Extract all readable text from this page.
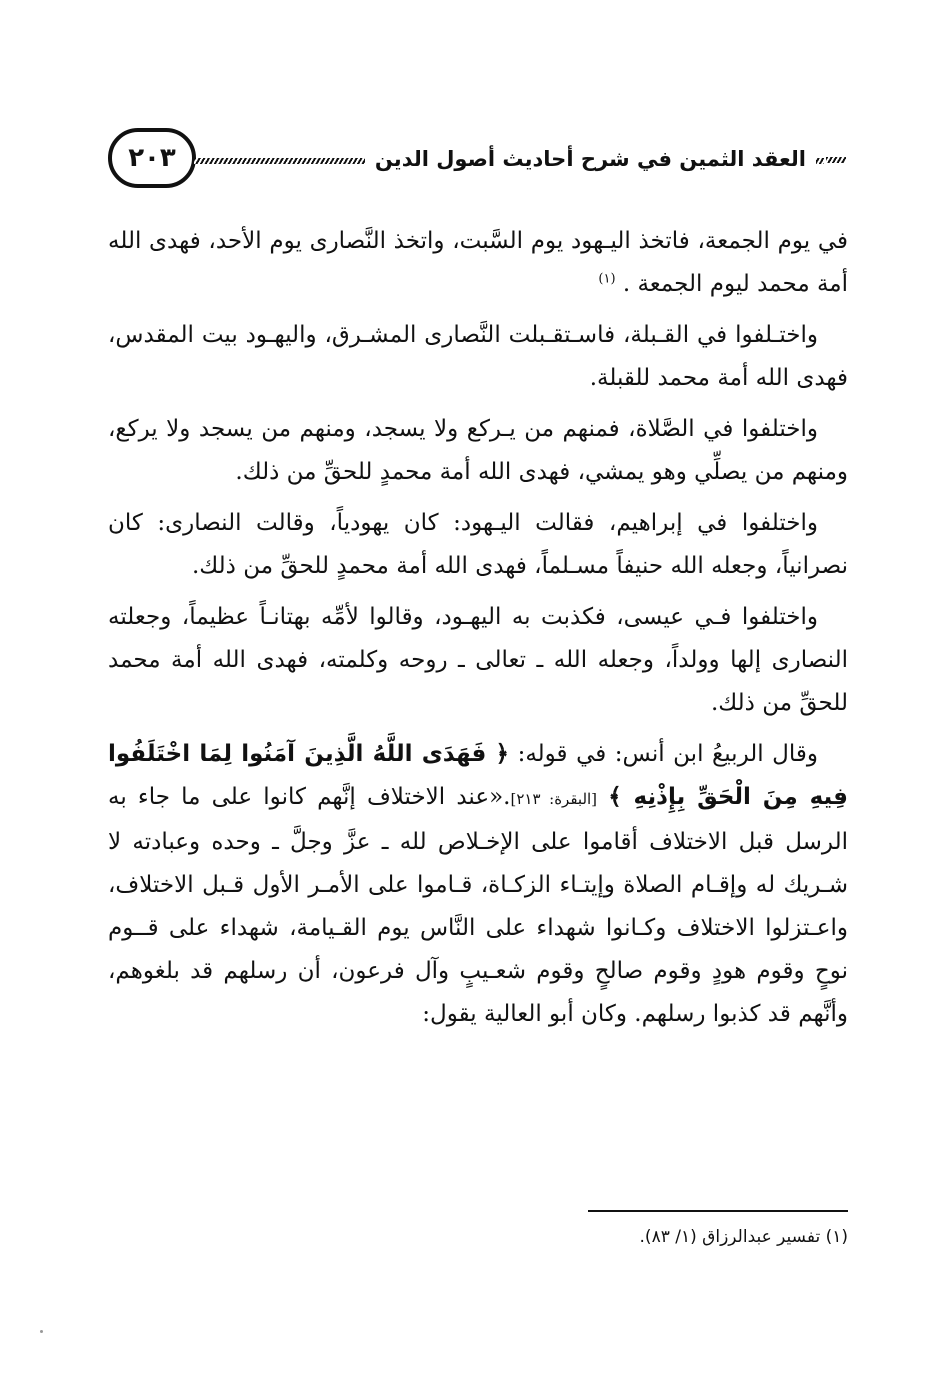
٢٠٣	العقد الثمين في شرح أحاديث أصول الدين

في يوم الجمعة، فاتخذ اليـهود يوم السَّبت، واتخذ النَّصارى يوم الأحد، فهدى الله أمة محمد ليوم الجمعة . $^{(١)}$

واختـلفوا في القـبلة، فاسـتقـبلت النَّصارى المشـرق، واليهـود بيت المقدس، فهدى الله أمة محمد للقبلة.

واختلفوا في الصَّلاة، فمنهم من يـركع ولا يسجد، ومنهم من يسجد ولا يركع، ومنهم من يصلِّي وهو يمشي، فهدى الله أمة محمدٍ للحقِّ من ذلك.

واختلفوا في إبراهيم، فقالت اليـهود: كان يهودياً، وقالت النصارى: كان نصرانياً، وجعله الله حنيفاً مسـلماً، فهدى الله أمة محمدٍ للحقِّ من ذلك.

واختلفوا فـي عيسى، فكذبت به اليهـود، وقالوا لأمِّه بهتانـاً عظيماً، وجعلته النصارى إلها وولداً، وجعله الله ـ تعالى ـ روحه وكلمته، فهدى الله أمة محمد للحقِّ من ذلك.

وقال الربيعُ ابن أنس: في قوله: ﴿ فَهَدَى اللَّهُ الَّذِينَ آمَنُوا لِمَا اخْتَلَفُوا فِيهِ مِنَ الْحَقِّ بِإِذْنِهِ ﴾ [البقرة: ٢١٣].«عند الاختلاف إنَّهم كانوا على ما جاء به الرسل قبل الاختلاف أقاموا على الإخـلاص لله ـ عزَّ وجلَّ ـ وحده وعبادته لا شـريك له وإقـام الصلاة وإيتـاء الزكـاة، قـاموا على الأمـر الأول قـبل الاختلاف، واعـتزلوا الاختلاف وكـانوا شهداء على النَّاس يوم القـيامة، شهداء على قــوم نوحٍ وقوم هودٍ وقوم صالحٍ وقوم شعـيبٍ وآل فرعون، أن رسلهم قد بلغوهم، وأنَّهم قد كذبوا رسلهم. وكان أبو العالية يقول:

(١) تفسير عبدالرزاق (١/ ٨٣).
